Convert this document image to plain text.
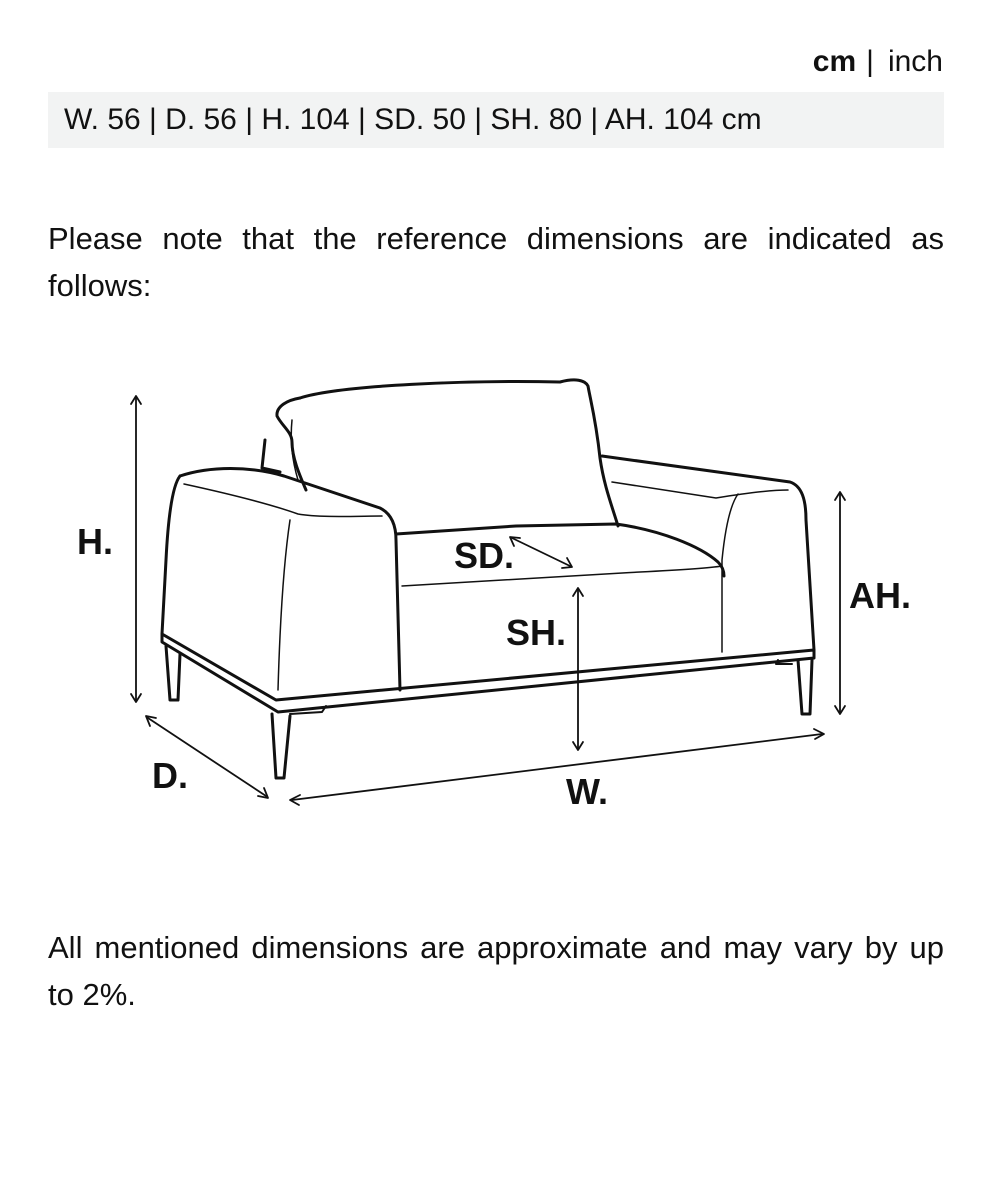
cm | inch
W. 56 | D. 56 | H. 104 | SD. 50 | SH. 80 | AH. 104 cm

Please note that the reference dimensions are indicated as follows:

H.	SD.
SH.
AH.
D.	W.

All mentioned dimensions are approximate and may vary by up to 2%.
